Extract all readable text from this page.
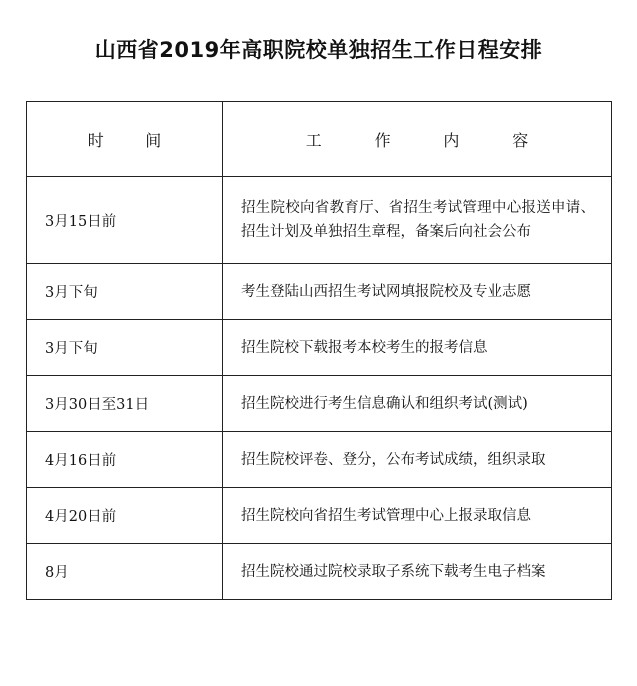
山西省2019年高职院校单独招生工作日程安排
时间	工作内容
3月15日前	招生院校向省教育厅、省招生考试管理中心报送申请、招生计划及单独招生章程，备案后向社会公布
3月下旬	考生登陆山西招生考试网填报院校及专业志愿
3月下旬	招生院校下载报考本校考生的报考信息
3月30日至31日	招生院校进行考生信息确认和组织考试(测试)
4月16日前	招生院校评卷、登分，公布考试成绩，组织录取
4月20日前	招生院校向省招生考试管理中心上报录取信息
8月	招生院校通过院校录取子系统下载考生电子档案
